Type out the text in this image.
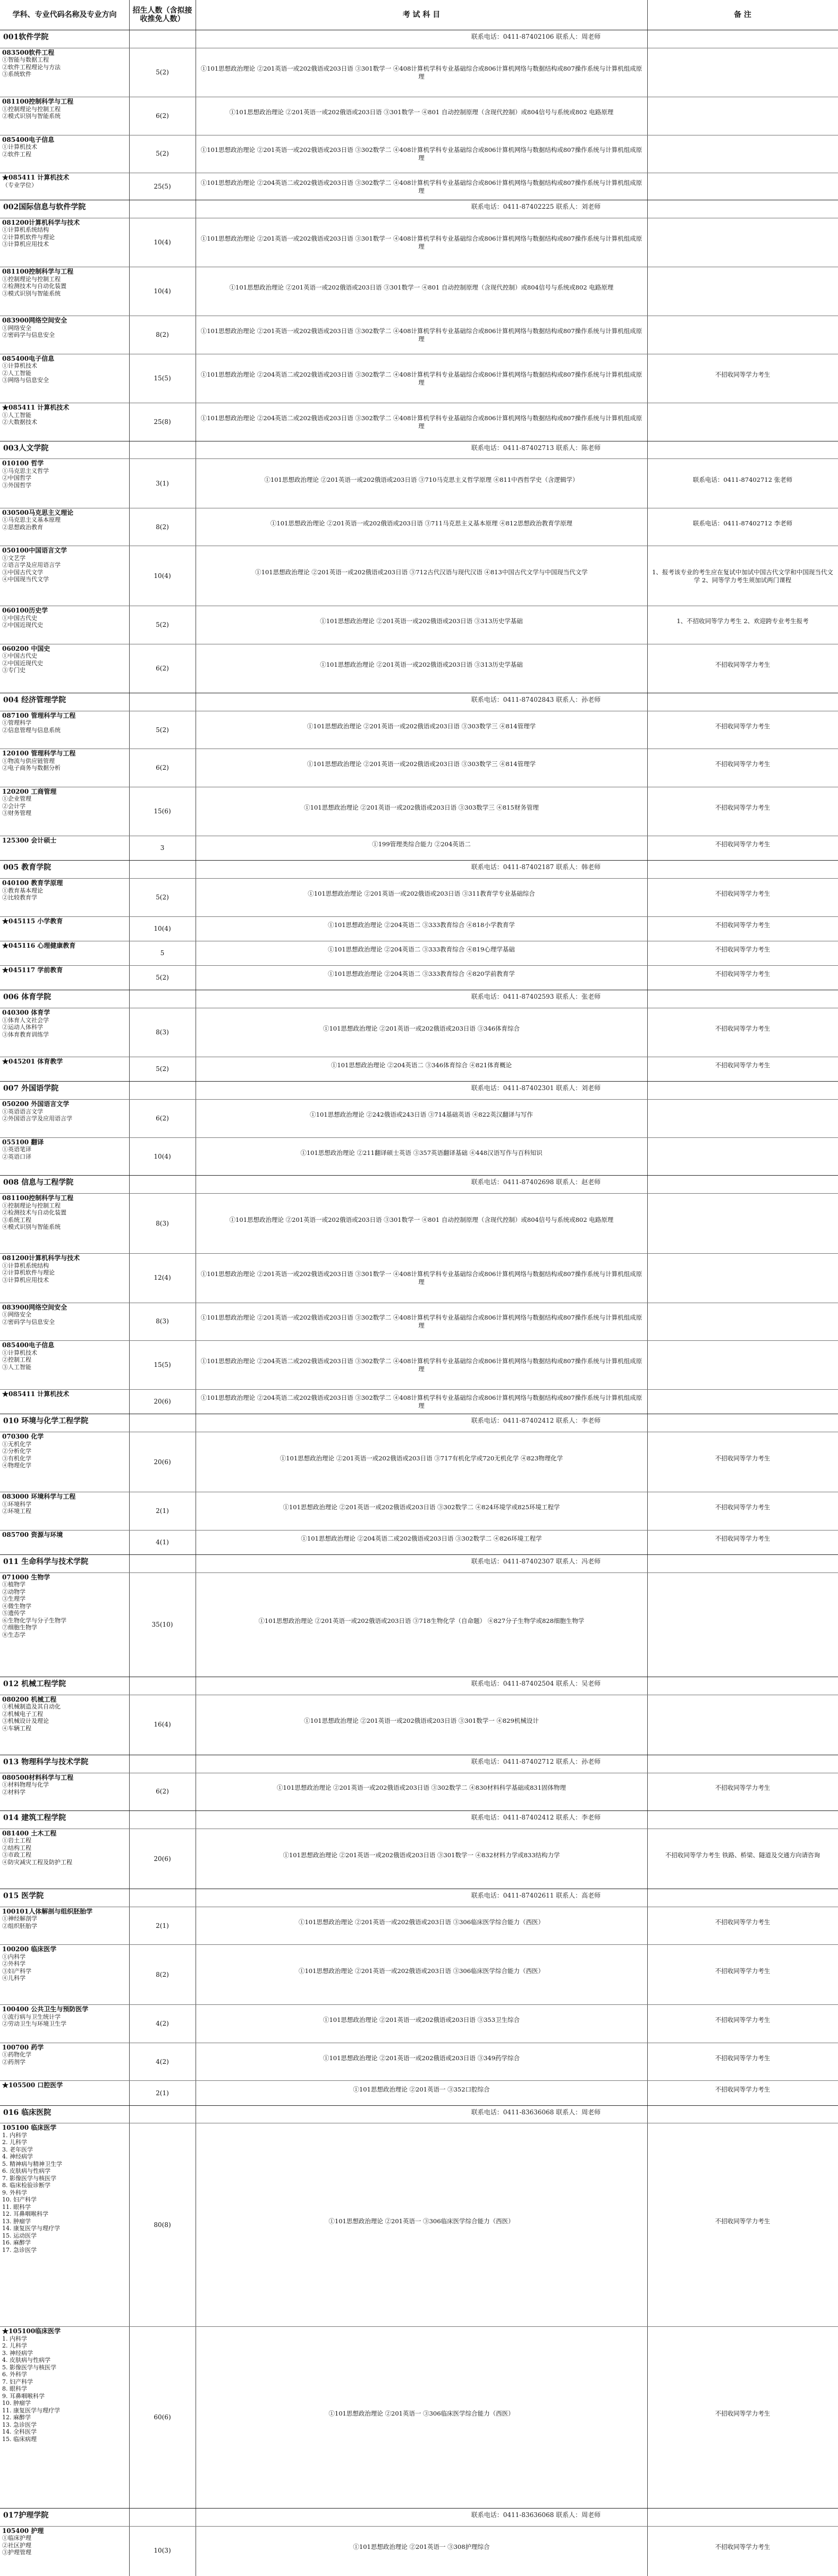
学科、专业代码名称及专业方向	招生人数（含拟接收推免人数）	考 试 科 目	备 注
001软件学院	联系电话：0411-87402106 联系人：周老师
083500软件工程
①智能与数据工程
②软件工程理论与方法
③系统软件	5(2)	①101思想政治理论 ②201英语一或202俄语或203日语 ③301数学一 ④408计算机学科专业基础综合或806计算机网络与数据结构或807操作系统与计算机组成原理
081100控制科学与工程
①控制理论与控制工程
②模式识别与智能系统	6(2)	①101思想政治理论 ②201英语一或202俄语或203日语 ③301数学一 ④801 自动控制原理（含现代控制）或804信号与系统或802 电路原理
085400电子信息
①计算机技术
②软件工程	5(2)	①101思想政治理论 ②201英语一或202俄语或203日语 ③302数学二 ④408计算机学科专业基础综合或806计算机网络与数据结构或807操作系统与计算机组成原理
★085411 计算机技术
（专业学位）	25(5)	①101思想政治理论 ②204英语二或202俄语或203日语 ③302数学二 ④408计算机学科专业基础综合或806计算机网络与数据结构或807操作系统与计算机组成原理
002国际信息与软件学院	联系电话：0411-87402225 联系人：刘老师
081200计算机科学与技术
①计算机系统结构
②计算机软件与理论
③计算机应用技术	10(4)	①101思想政治理论 ②201英语一或202俄语或203日语 ③301数学一 ④408计算机学科专业基础综合或806计算机网络与数据结构或807操作系统与计算机组成原理
081100控制科学与工程
①控制理论与控制工程
②检测技术与自动化装置
③模式识别与智能系统	10(4)	①101思想政治理论 ②201英语一或202俄语或203日语 ③301数学一 ④801 自动控制原理（含现代控制）或804信号与系统或802 电路原理
083900网络空间安全
①网络安全
②密码学与信息安全	8(2)	①101思想政治理论 ②201英语一或202俄语或203日语 ③302数学二 ④408计算机学科专业基础综合或806计算机网络与数据结构或807操作系统与计算机组成原理
085400电子信息
①计算机技术
②人工智能
③网络与信息安全	15(5)	①101思想政治理论 ②204英语二或202俄语或203日语 ③302数学二 ④408计算机学科专业基础综合或806计算机网络与数据结构或807操作系统与计算机组成原理
不招收同等学力考生
★085411 计算机技术
①人工智能
②大数据技术	25(8)	①101思想政治理论 ②204英语二或202俄语或203日语 ③302数学二 ④408计算机学科专业基础综合或806计算机网络与数据结构或807操作系统与计算机组成原理
003人文学院	联系电话：0411-87402713 联系人：陈老师
010100 哲学
①马克思主义哲学
②中国哲学
③外国哲学	3(1)	①101思想政治理论 ②201英语一或202俄语或203日语 ③710马克思主义哲学原理 ④811中西哲学史（含逻辑学）	联系电话：0411-87402712 张老师
030500马克思主义理论
①马克思主义基本原理
②思想政治教育	8(2)	①101思想政治理论 ②201英语一或202俄语或203日语 ③711马克思主义基本原理 ④812思想政治教育学原理	联系电话：0411-87402712 李老师
050100中国语言文学
①文艺学
②语言学及应用语言学
③中国古代文学
④中国现当代文学	10(4)	①101思想政治理论 ②201英语一或202俄语或203日语 ③712古代汉语与现代汉语 ④813中国古代文学与中国现当代文学	1、报考该专业的考生应在复试中加试中国古代文学和中国现当代文学 2、同等学力考生须加试两门课程
060100历史学
①中国古代史
②中国近现代史	5(2)	①101思想政治理论 ②201英语一或202俄语或203日语 ③313历史学基础	1、不招收同等学力考生 2、欢迎跨专业考生报考
060200 中国史
①中国古代史
②中国近现代史
③专门史	6(2)	①101思想政治理论 ②201英语一或202俄语或203日语 ③313历史学基础	不招收同等学力考生
004 经济管理学院	联系电话：0411-87402843 联系人：孙老师
087100 管理科学与工程
①管理科学
②信息管理与信息系统	5(2)	①101思想政治理论 ②201英语一或202俄语或203日语 ③303数学三 ④814管理学	不招收同等学力考生
120100 管理科学与工程
①物流与供应链管理
②电子商务与数据分析	6(2)	①101思想政治理论 ②201英语一或202俄语或203日语 ③303数学三 ④814管理学	不招收同等学力考生
120200 工商管理
①企业管理
②会计学
③财务管理	15(6)	①101思想政治理论 ②201英语一或202俄语或203日语 ③303数学三 ④815财务管理	不招收同等学力考生
125300 会计硕士
3	①199管理类综合能力 ②204英语二	不招收同等学力考生
005 教育学院	联系电话：0411-87402187 联系人：韩老师
040100 教育学原理
①教育基本理论
②比较教育学	5(2)	①101思想政治理论 ②201英语一或202俄语或203日语 ③311教育学专业基础综合	不招收同等学力考生
★045115 小学教育
10(4)	①101思想政治理论 ②204英语二 ③333教育综合 ④818小学教育学	不招收同等学力考生
★045116 心理健康教育
5	①101思想政治理论 ②204英语二 ③333教育综合 ④819心理学基础	不招收同等学力考生
★045117 学前教育
5(2)	①101思想政治理论 ②204英语二 ③333教育综合 ④820学前教育学	不招收同等学力考生
006 体育学院	联系电话：0411-87402593 联系人：张老师
040300 体育学
①体育人文社会学
②运动人体科学
③体育教育训练学	8(3)	①101思想政治理论 ②201英语一或202俄语或203日语 ③346体育综合	不招收同等学力考生
★045201 体育教学
5(2)	①101思想政治理论 ②204英语二 ③346体育综合 ④821体育概论	不招收同等学力考生
007 外国语学院	联系电话：0411-87402301 联系人：刘老师
050200 外国语言文学
①英语语言文学
②外国语言学及应用语言学	6(2)	①101思想政治理论 ②242俄语或243日语 ③714基础英语 ④822英汉翻译与写作
055100 翻译
①英语笔译
②英语口译	10(4)	①101思想政治理论 ②211翻译硕士英语 ③357英语翻译基础 ④448汉语写作与百科知识
008 信息与工程学院	联系电话：0411-87402698 联系人：赵老师
081100控制科学与工程
①控制理论与控制工程
②检测技术与自动化装置
③系统工程
④模式识别与智能系统	8(3)	①101思想政治理论 ②201英语一或202俄语或203日语 ③301数学一 ④801 自动控制原理（含现代控制）或804信号与系统或802 电路原理
081200计算机科学与技术
①计算机系统结构
②计算机软件与理论
③计算机应用技术	12(4)	①101思想政治理论 ②201英语一或202俄语或203日语 ③301数学一 ④408计算机学科专业基础综合或806计算机网络与数据结构或807操作系统与计算机组成原理
083900网络空间安全
①网络安全
②密码学与信息安全	8(3)	①101思想政治理论 ②201英语一或202俄语或203日语 ③302数学二 ④408计算机学科专业基础综合或806计算机网络与数据结构或807操作系统与计算机组成原理
085400电子信息
①计算机技术
②控制工程
③人工智能	15(5)	①101思想政治理论 ②204英语二或202俄语或203日语 ③302数学二 ④408计算机学科专业基础综合或806计算机网络与数据结构或807操作系统与计算机组成原理
★085411 计算机技术
20(6)	①101思想政治理论 ②204英语二或202俄语或203日语 ③302数学二 ④408计算机学科专业基础综合或806计算机网络与数据结构或807操作系统与计算机组成原理
010 环境与化学工程学院	联系电话：0411-87402412 联系人：李老师
070300 化学
①无机化学
②分析化学
③有机化学
④物理化学	20(6)	①101思想政治理论 ②201英语一或202俄语或203日语 ③717有机化学或720无机化学 ④823物理化学	不招收同等学力考生
083000 环境科学与工程
①环境科学
②环境工程	2(1)	①101思想政治理论 ②201英语一或202俄语或203日语 ③302数学二 ④824环境学或825环境工程学	不招收同等学力考生
085700 资源与环境
4(1)	①101思想政治理论 ②204英语二或202俄语或203日语 ③302数学二 ④826环境工程学	不招收同等学力考生
011 生命科学与技术学院	联系电话：0411-87402307 联系人：冯老师
071000 生物学
①植物学
②动物学
③生理学
④微生物学
⑤遗传学
⑥生物化学与分子生物学
⑦细胞生物学
⑧生态学
35(10)	①101思想政治理论 ②201英语一或202俄语或203日语 ③718生物化学（自命题） ④827分子生物学或828细胞生物学
012 机械工程学院	联系电话：0411-87402504 联系人：吴老师
080200 机械工程
①机械制造及其自动化
②机械电子工程
③机械设计及理论
④车辆工程	16(4)	①101思想政治理论 ②201英语一或202俄语或203日语 ③301数学一 ④829机械设计
013 物理科学与技术学院	联系电话：0411-87402712 联系人：孙老师
080500材料科学与工程
①材料物理与化学
②材料学	6(2)	①101思想政治理论 ②201英语一或202俄语或203日语 ③302数学二 ④830材料科学基础或831固体物理	不招收同等学力考生
014 建筑工程学院	联系电话：0411-87402412 联系人：李老师
081400 土木工程
①岩土工程
②结构工程
③市政工程
④防灾减灾工程及防护工程	20(6)	①101思想政治理论 ②201英语一或202俄语或203日语 ③301数学一 ④832材料力学或833结构力学	不招收同等学力考生 铁路、桥梁、隧道及交通方向请咨询
015 医学院	联系电话：0411-87402611 联系人：高老师
100101人体解剖与组织胚胎学
①神经解剖学
②组织胚胎学	2(1)	①101思想政治理论 ②201英语一或202俄语或203日语 ③306临床医学综合能力（西医）	不招收同等学力考生
100200 临床医学
①内科学
②外科学
③妇产科学
④儿科学	8(2)	①101思想政治理论 ②201英语一或202俄语或203日语 ③306临床医学综合能力（西医）	不招收同等学力考生
100400 公共卫生与预防医学
①流行病与卫生统计学
②劳动卫生与环境卫生学	4(2)	①101思想政治理论 ②201英语一或202俄语或203日语 ③353卫生综合	不招收同等学力考生
100700 药学
①药物化学
②药剂学	4(2)	①101思想政治理论 ②201英语一或202俄语或203日语 ③349药学综合	不招收同等学力考生
★105500 口腔医学
2(1)	①101思想政治理论 ②201英语一 ③352口腔综合	不招收同等学力考生
016 临床医院	联系电话：0411-83636068 联系人：周老师
105100 临床医学
1. 内科学
2. 儿科学
3. 老年医学
4. 神经病学
5. 精神病与精神卫生学
6. 皮肤病与性病学
7. 影像医学与核医学
8. 临床检验诊断学
9. 外科学
10. 妇产科学
11. 眼科学
12. 耳鼻咽喉科学
13. 肿瘤学
14. 康复医学与理疗学
15. 运动医学
16. 麻醉学
17. 急诊医学
80(8)	①101思想政治理论 ②201英语一 ③306临床医学综合能力（西医）	不招收同等学力考生
★105100临床医学
1. 内科学
2. 儿科学
3. 神经病学
4. 皮肤病与性病学
5. 影像医学与核医学
6. 外科学
7. 妇产科学
8. 眼科学
9. 耳鼻咽喉科学
10. 肿瘤学
11. 康复医学与理疗学
12. 麻醉学
13. 急诊医学
14. 全科医学
15. 临床病理
60(6)	①101思想政治理论 ②201英语一 ③306临床医学综合能力（西医）	不招收同等学力考生
017护理学院	联系电话：0411-83636068 联系人：周老师
105400 护理
①临床护理
②社区护理
③护理管理	10(3)	①101思想政治理论 ②201英语一 ③308护理综合	不招收同等学力考生
